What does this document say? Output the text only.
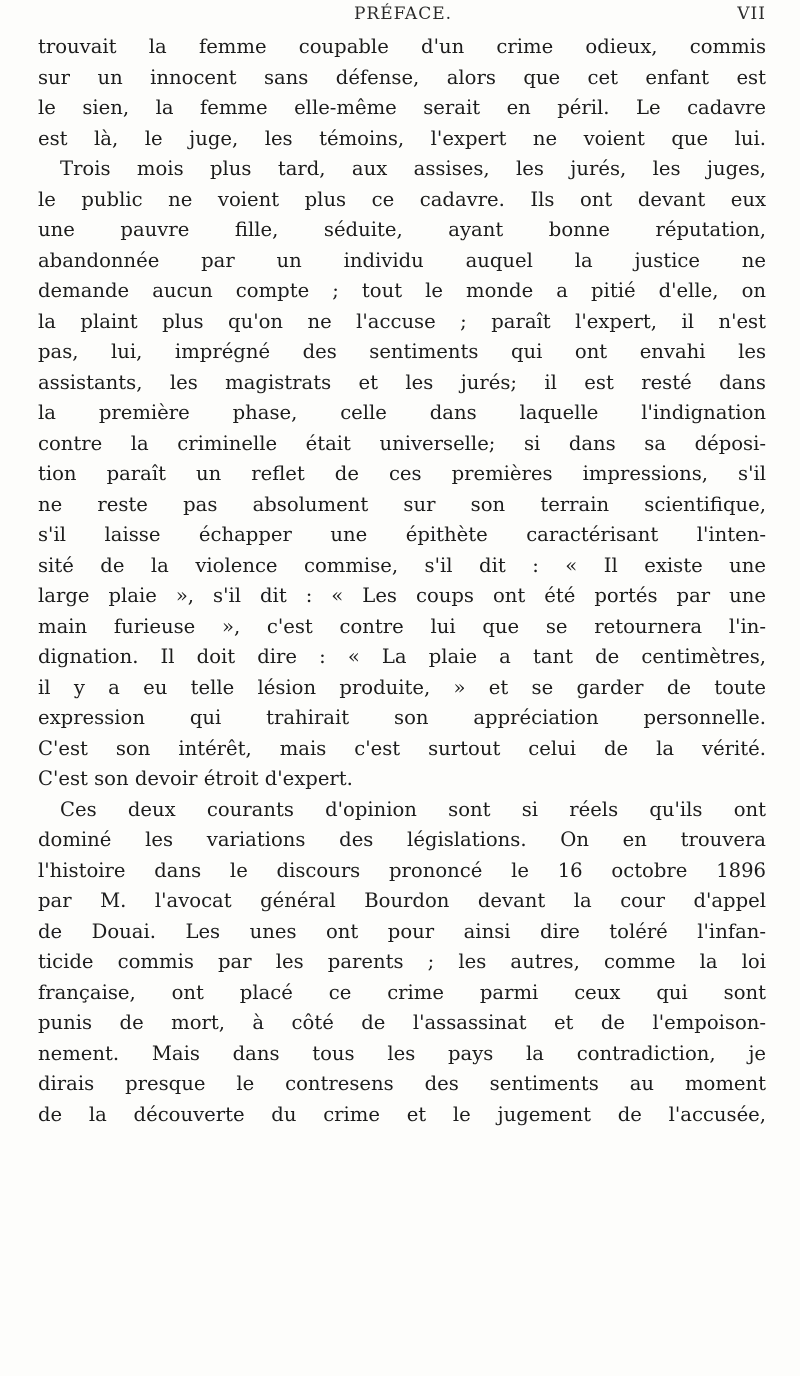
PRÉFACE.	VII
trouvait la femme coupable d'un crime odieux, commis
sur un innocent sans défense, alors que cet enfant est
le sien, la femme elle-même serait en péril. Le cadavre
est là, le juge, les témoins, l'expert ne voient que lui.
Trois mois plus tard, aux assises, les jurés, les juges,
le public ne voient plus ce cadavre. Ils ont devant eux
une pauvre fille, séduite, ayant bonne réputation,
abandonnée par un individu auquel la justice ne
demande aucun compte ; tout le monde a pitié d'elle, on
la plaint plus qu'on ne l'accuse ; paraît l'expert, il n'est
pas, lui, imprégné des sentiments qui ont envahi les
assistants, les magistrats et les jurés; il est resté dans
la première phase, celle dans laquelle l'indignation
contre la criminelle était universelle; si dans sa déposi-
tion paraît un reflet de ces premières impressions, s'il
ne reste pas absolument sur son terrain scientifique,
s'il laisse échapper une épithète caractérisant l'inten-
sité de la violence commise, s'il dit : « Il existe une
large plaie », s'il dit : « Les coups ont été portés par une
main furieuse », c'est contre lui que se retournera l'in-
dignation. Il doit dire : « La plaie a tant de centimètres,
il y a eu telle lésion produite, » et se garder de toute
expression qui trahirait son appréciation personnelle.
C'est son intérêt, mais c'est surtout celui de la vérité.
C'est son devoir étroit d'expert.
Ces deux courants d'opinion sont si réels qu'ils ont
dominé les variations des législations. On en trouvera
l'histoire dans le discours prononcé le 16 octobre 1896
par M. l'avocat général Bourdon devant la cour d'appel
de Douai. Les unes ont pour ainsi dire toléré l'infan-
ticide commis par les parents ; les autres, comme la loi
française, ont placé ce crime parmi ceux qui sont
punis de mort, à côté de l'assassinat et de l'empoison-
nement. Mais dans tous les pays la contradiction, je
dirais presque le contresens des sentiments au moment
de la découverte du crime et le jugement de l'accusée,
